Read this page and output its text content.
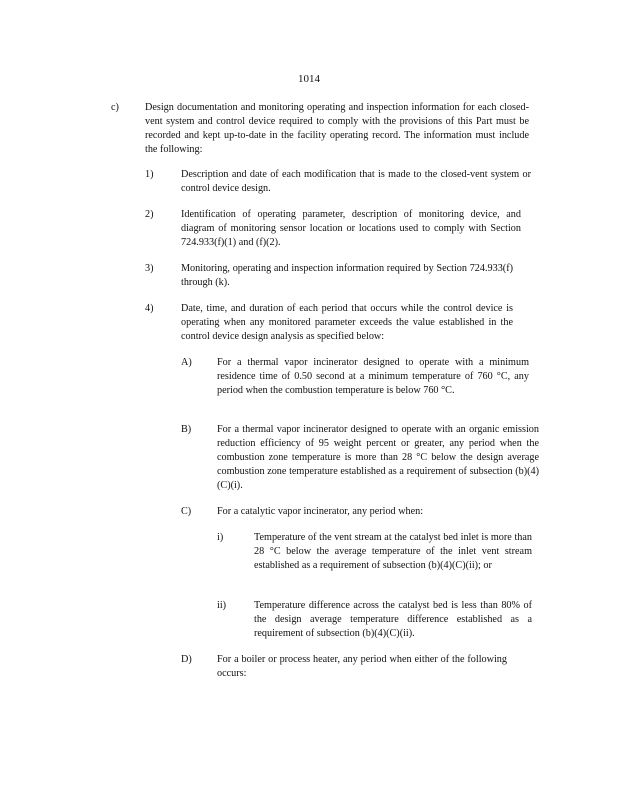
1014
c)	Design documentation and monitoring operating and inspection information for each closed-vent system and control device required to comply with the provisions of this Part must be recorded and kept up-to-date in the facility operating record. The information must include the following:
1)	Description and date of each modification that is made to the closed-vent system or control device design.
2)	Identification of operating parameter, description of monitoring device, and diagram of monitoring sensor location or locations used to comply with Section 724.933(f)(1) and (f)(2).
3)	Monitoring, operating and inspection information required by Section 724.933(f) through (k).
4)	Date, time, and duration of each period that occurs while the control device is operating when any monitored parameter exceeds the value established in the control device design analysis as specified below:
A) For a thermal vapor incinerator designed to operate with a minimum residence time of 0.50 second at a minimum temperature of 760 °C, any period when the combustion temperature is below 760 °C.
B)	For a thermal vapor incinerator designed to operate with an organic emission reduction efficiency of 95 weight percent or greater, any period when the combustion zone temperature is more than 28 °C below the design average combustion zone temperature established as a requirement of subsection (b)(4)(C)(i).
C)	For a catalytic vapor incinerator, any period when:
i)	Temperature of the vent stream at the catalyst bed inlet is more than 28 °C below the average temperature of the inlet vent stream established as a requirement of subsection (b)(4)(C)(ii); or
ii)	Temperature difference across the catalyst bed is less than 80% of the design average temperature difference established as a requirement of subsection (b)(4)(C)(ii).
D) For a boiler or process heater, any period when either of the following occurs:
